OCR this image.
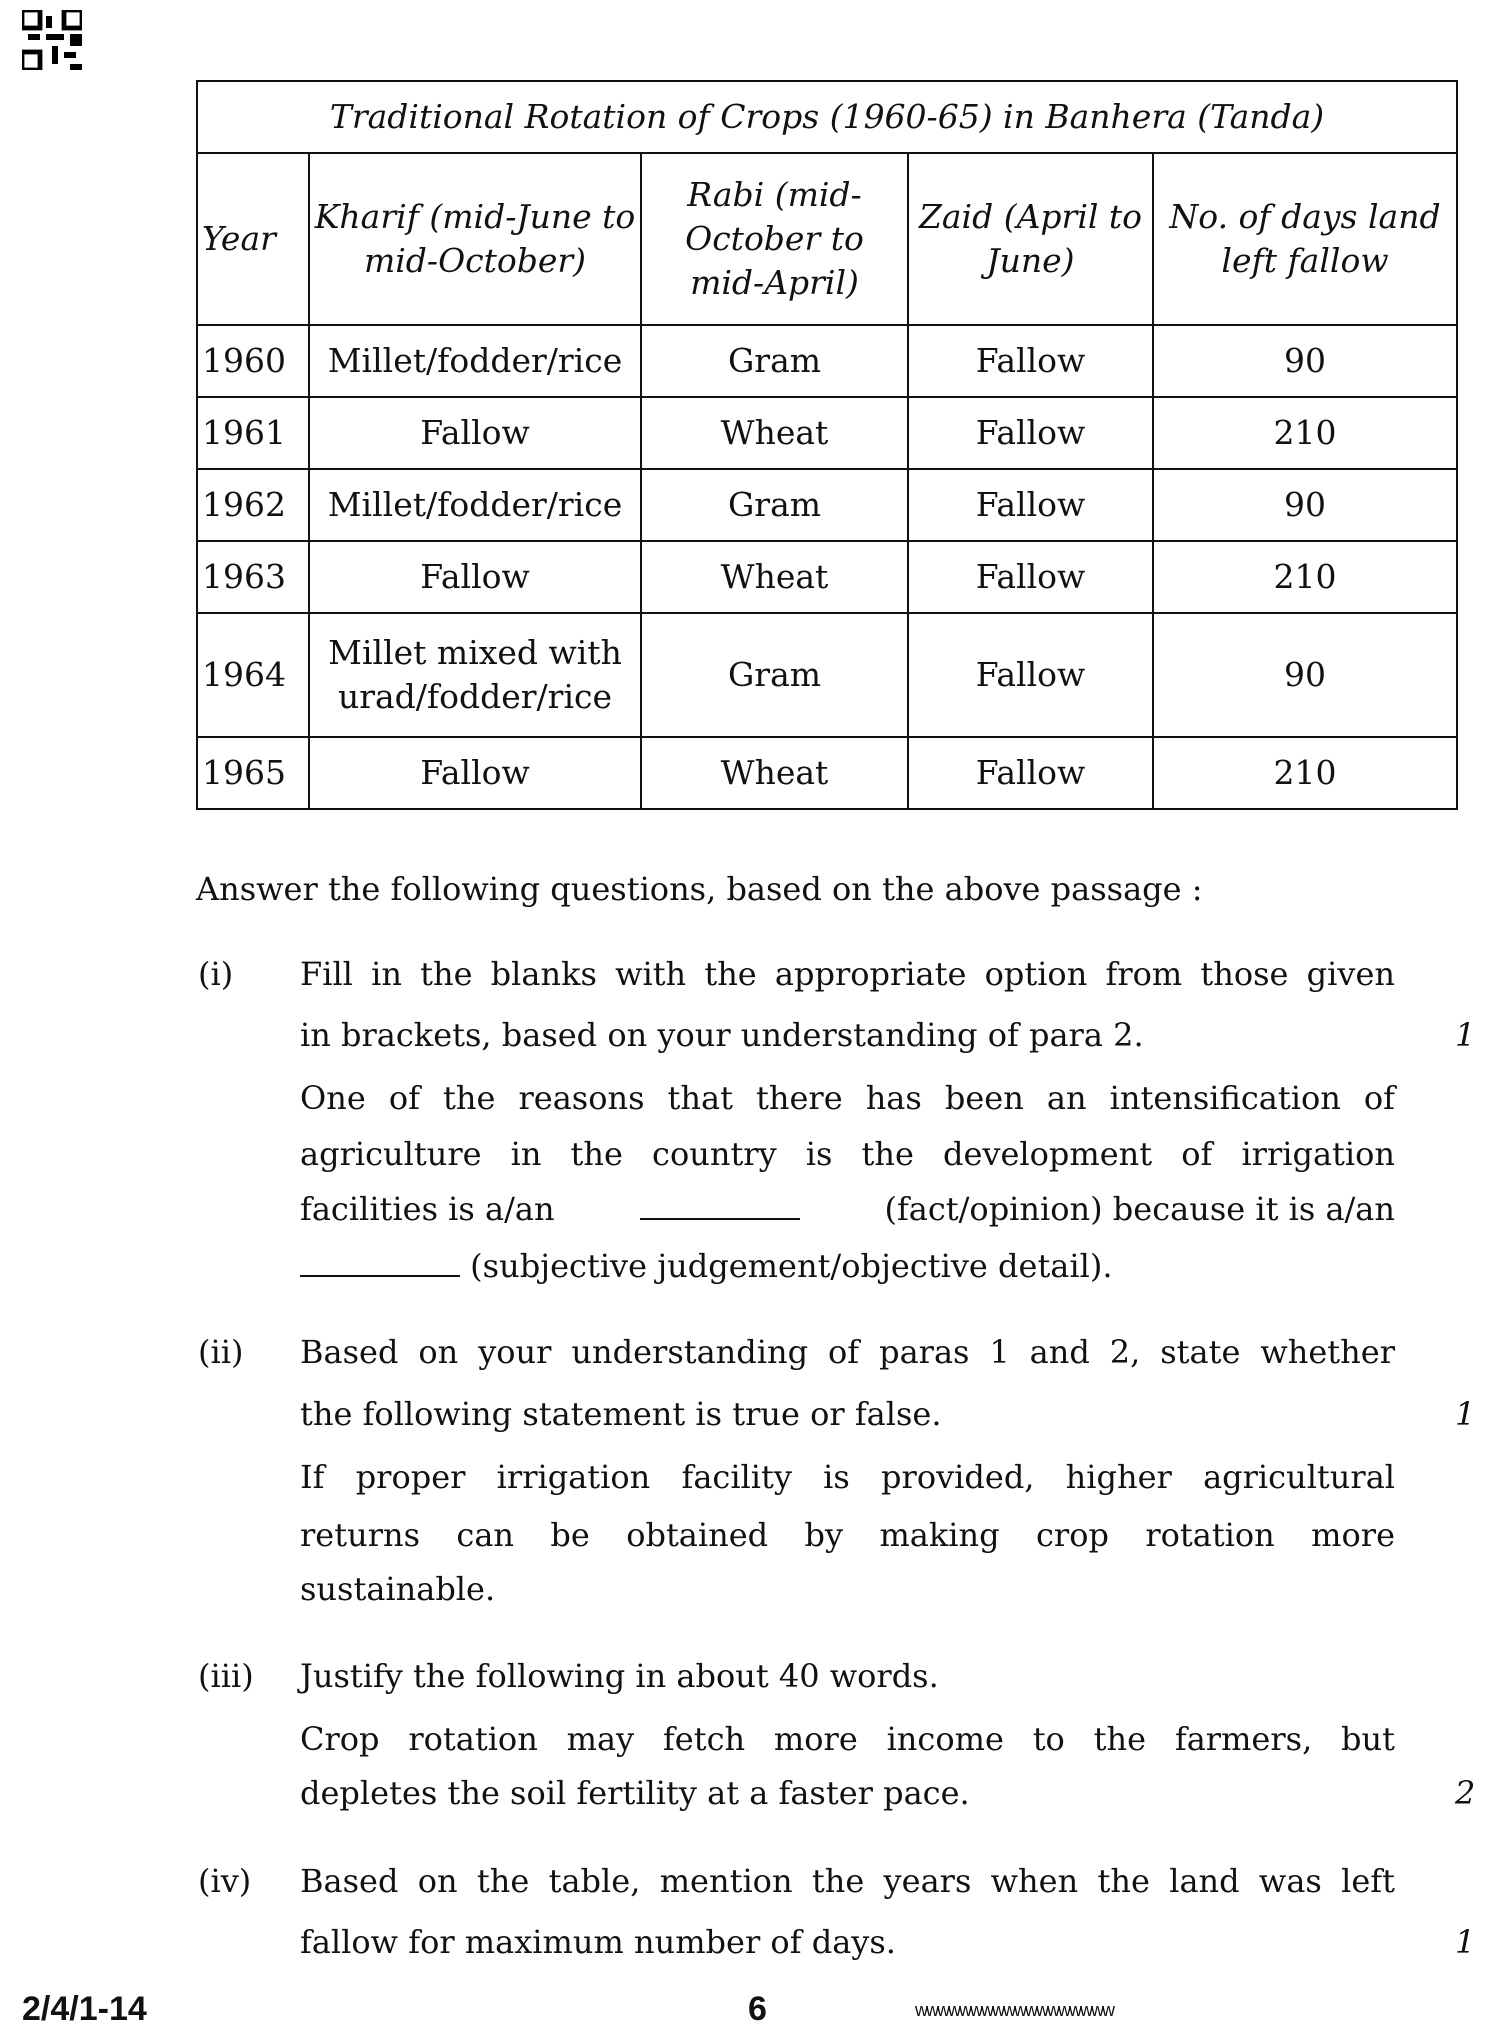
Traditional Rotation of Crops (1960-65) in Banhera (Tanda)				
Year	Kharif (mid-June to mid-October)	Rabi (mid-October to mid-April)	Zaid (April to June)	No. of days land left fallow
1960	Millet/fodder/rice	Gram	Fallow	90
1961	Fallow	Wheat	Fallow	210
1962	Millet/fodder/rice	Gram	Fallow	90
1963	Fallow	Wheat	Fallow	210
1964	Millet mixed with urad/fodder/rice	Gram	Fallow	90
1965	Fallow	Wheat	Fallow	210
Answer the following questions, based on the above passage :
(i) Fill in the blanks with the appropriate option from those given
in brackets, based on your understanding of para 2.	1
One of the reasons that there has been an intensification of
agriculture in the country is the development of irrigation
facilities is a/an	(fact/opinion) because it is a/an
(subjective judgement/objective detail).
(ii) Based on your understanding of paras 1 and 2, state whether
the following statement is true or false.	1
If proper irrigation facility is provided, higher agricultural
returns can be obtained by making crop rotation more
sustainable.
(iii) Justify the following in about 40 words.
Crop rotation may fetch more income to the farmers, but
depletes the soil fertility at a faster pace.	2
(iv) Based on the table, mention the years when the land was left
fallow for maximum number of days.	1
2/4/1-14	6	wwwwwwwwwwwwwwwwww
